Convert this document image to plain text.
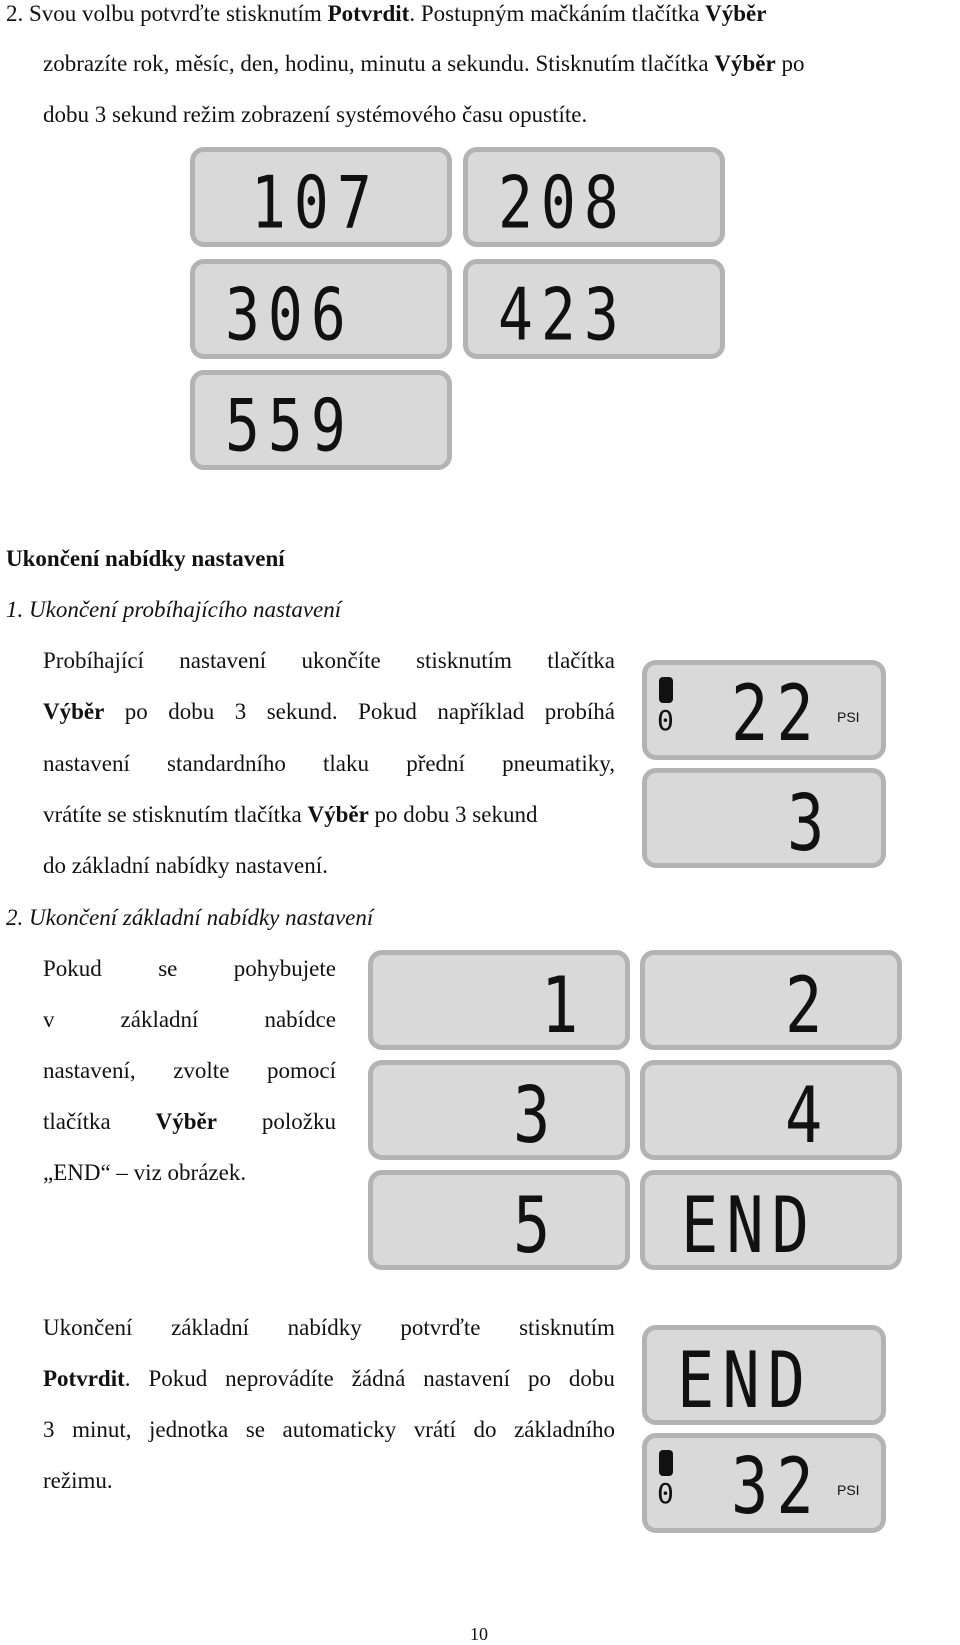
2. Svou volbu potvrďte stisknutím Potvrdit. Postupným mačkáním tlačítka Výběr
zobrazíte rok, měsíc, den, hodinu, minutu a sekundu. Stisknutím tlačítka Výběr po
dobu 3 sekund režim zobrazení systémového času opustíte.
107 208
306 423
559
Ukončení nabídky nastavení
1. Ukončení probíhajícího nastavení
Probíhající nastavení ukončíte stisknutím tlačítka
Výběr po dobu 3 sekund. Pokud například probíhá
nastavení standardního tlaku přední pneumatiky,
vrátíte se stisknutím tlačítka Výběr po dobu 3 sekund
do základní nabídky nastavení.
0 22 PSI
3
2. Ukončení základní nabídky nastavení
Pokud se pohybujete
v	základní	nabídce
nastavení, zvolte pomocí
tlačítka Výběr položku
„END“ – viz obrázek.
1	2
3	4
5 END
Ukončení základní nabídky potvrďte stisknutím
Potvrdit. Pokud neprovádíte žádná nastavení po dobu
3 minut, jednotka se automaticky vrátí do základního
režimu.
END
0 32 PSI
10
